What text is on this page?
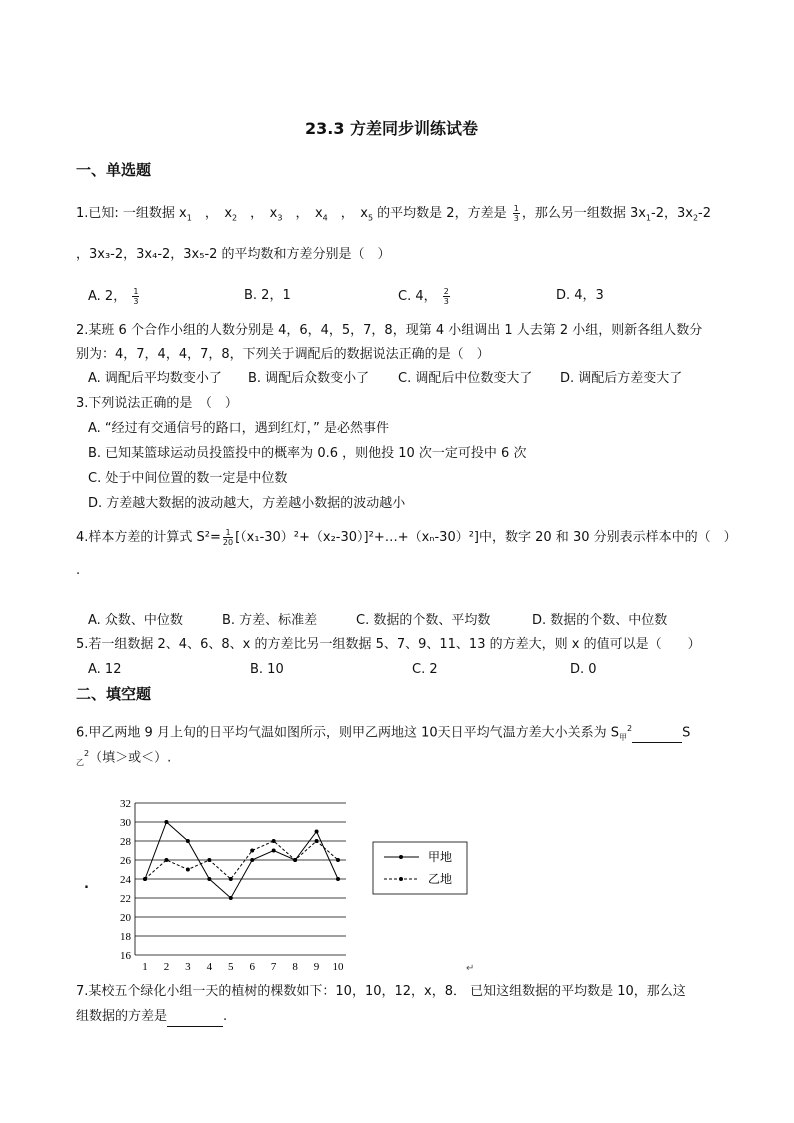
23.3 方差同步训练试卷
一、单选题
1.已知: 一组数据 $x_1$　，　$x_2$　，　$x_3$　，　$x_4$　，　$x_5$ 的平均数是 2，方差是 $\frac{1}{3}$ ，那么另一组数据 $3x_1-2$，$3x_2-2$
，3x₃-2，3x₄-2，3x₅-2 的平均数和方差分别是（　）
A. 2， $\frac{1}{3}$	B. 2，1	C. 4， $\frac{2}{3}$	D. 4，3
2.某班 6 个合作小组的人数分别是 4，6，4，5，7，8，现第 4 小组调出 1 人去第 2 小组，则新各组人数分
别为：4，7，4，4，7，8，下列关于调配后的数据说法正确的是（　）
A. 调配后平均数变小了 B. 调配后众数变小了 C. 调配后中位数变大了 D. 调配后方差变大了
3.下列说法正确的是　（　）
A. “经过有交通信号的路口，遇到红灯，” 是必然事件
B. 已知某篮球运动员投篮投中的概率为 0.6 ，则他投 10 次一定可投中 6 次
C. 处于中间位置的数一定是中位数
D. 方差越大数据的波动越大，方差越小数据的波动越小
4.样本方差的计算式 $S^2= \frac{1}{20}$ [（x₁-30）²+（x₂-30）]²+…+（xₙ-30）²]中，数字 20 和 30 分别表示样本中的（　）
.
A. 众数、中位数	B. 方差、标准差	C. 数据的个数、平均数	D. 数据的个数、中位数
5.若一组数据 2、4、6、8、x 的方差比另一组数据 5、7、9、11、13 的方差大，则 x 的值可以是（　　）
A. 12	B. 10	C. 2	D. 0
二、填空题
6.甲乙两地 9 月上旬的日平均气温如图所示，则甲乙两地这 10天日平均气温方差大小关系为 $S_甲^2$	S
$_乙^2$（填＞或＜）.
.
16
18
20
22
24
26
28
30
32
1 2 3 4 5 6 7 8 9 10
甲地
乙地
↵
7.某校五个绿化小组一天的植树的棵数如下：10，10，12，x，8． 已知这组数据的平均数是 10，那么这
组数据的方差是	.
